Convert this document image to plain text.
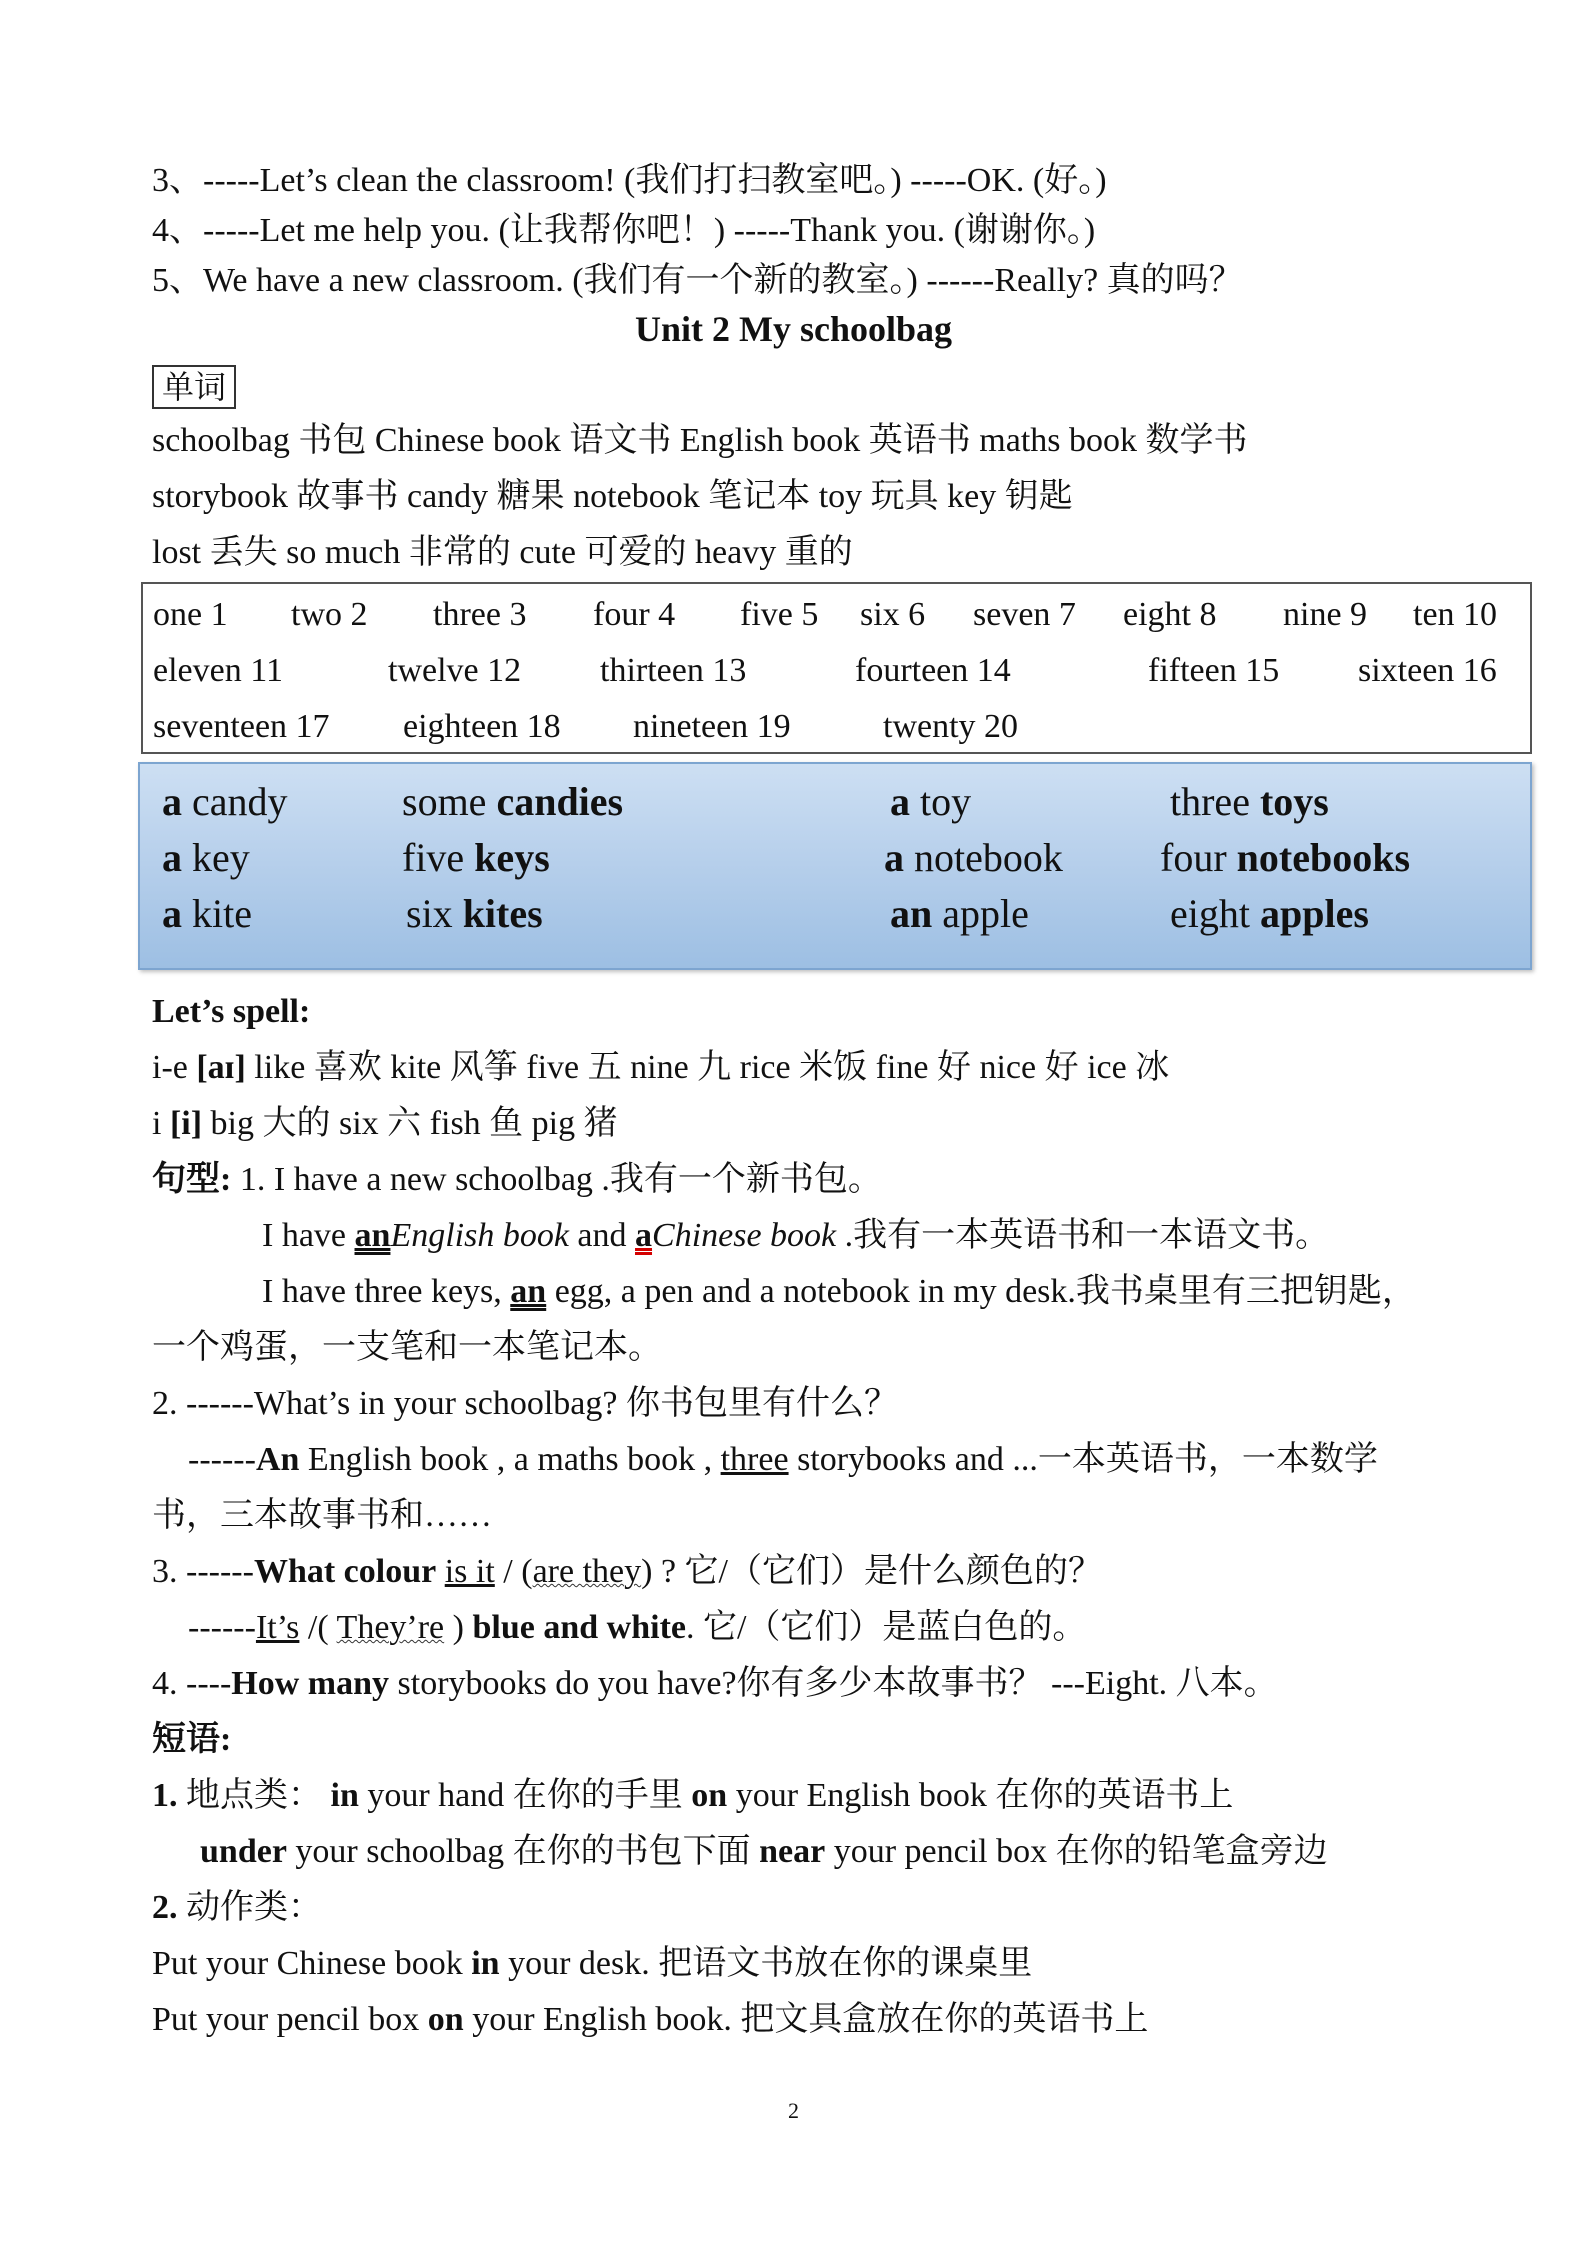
3、-----Let’s clean the classroom! (我们打扫教室吧。) -----OK. (好。)
4、-----Let me help you. (让我帮你吧！) -----Thank you. (谢谢你。)
5、We have a new classroom. (我们有一个新的教室。) ------Really? 真的吗？
Unit 2 My schoolbag
单词
schoolbag 书包 Chinese book 语文书 English book 英语书 maths book 数学书
storybook 故事书 candy 糖果 notebook 笔记本 toy 玩具 key 钥匙
lost 丢失 so much 非常的 cute 可爱的 heavy 重的
one 1 two 2 three 3 four 4 five 5 six 6 seven 7 eight 8 nine 9 ten 10
eleven 11	twelve 12 thirteen 13	fourteen 14	fifteen 15 sixteen 16
seventeen 17 eighteen 18 nineteen 19	twenty 20
a candy	some candies	a toy	three toys
a key	five keys	a notebook four notebooks
a kite	six kites	an apple	eight apples
Let’s spell:
i-e [aɪ] like 喜欢 kite 风筝 five 五 nine 九 rice 米饭 fine 好 nice 好 ice 冰
i [i] big 大的 six 六 fish 鱼 pig 猪
句型: 1. I have a new schoolbag .我有一个新书包。
I have anEnglish book and aChinese book .我有一本英语书和一本语文书。
I have three keys, an egg, a pen and a notebook in my desk.我书桌里有三把钥匙，
一个鸡蛋，一支笔和一本笔记本。
2. ------What’s in your schoolbag? 你书包里有什么？
------An English book , a maths book , three storybooks and ...一本英语书，一本数学
书，三本故事书和……
3. ------What colour is it / (are they) ? 它/（它们）是什么颜色的？
------It’s /( They’re ) blue and white. 它/（它们）是蓝白色的。
4. ----How many storybooks do you have?你有多少本故事书？ ---Eight. 八本。
短语:
1. 地点类： in your hand 在你的手里 on your English book 在你的英语书上
under your schoolbag 在你的书包下面 near your pencil box 在你的铅笔盒旁边
2. 动作类：
Put your Chinese book in your desk. 把语文书放在你的课桌里
Put your pencil box on your English book. 把文具盒放在你的英语书上
2
